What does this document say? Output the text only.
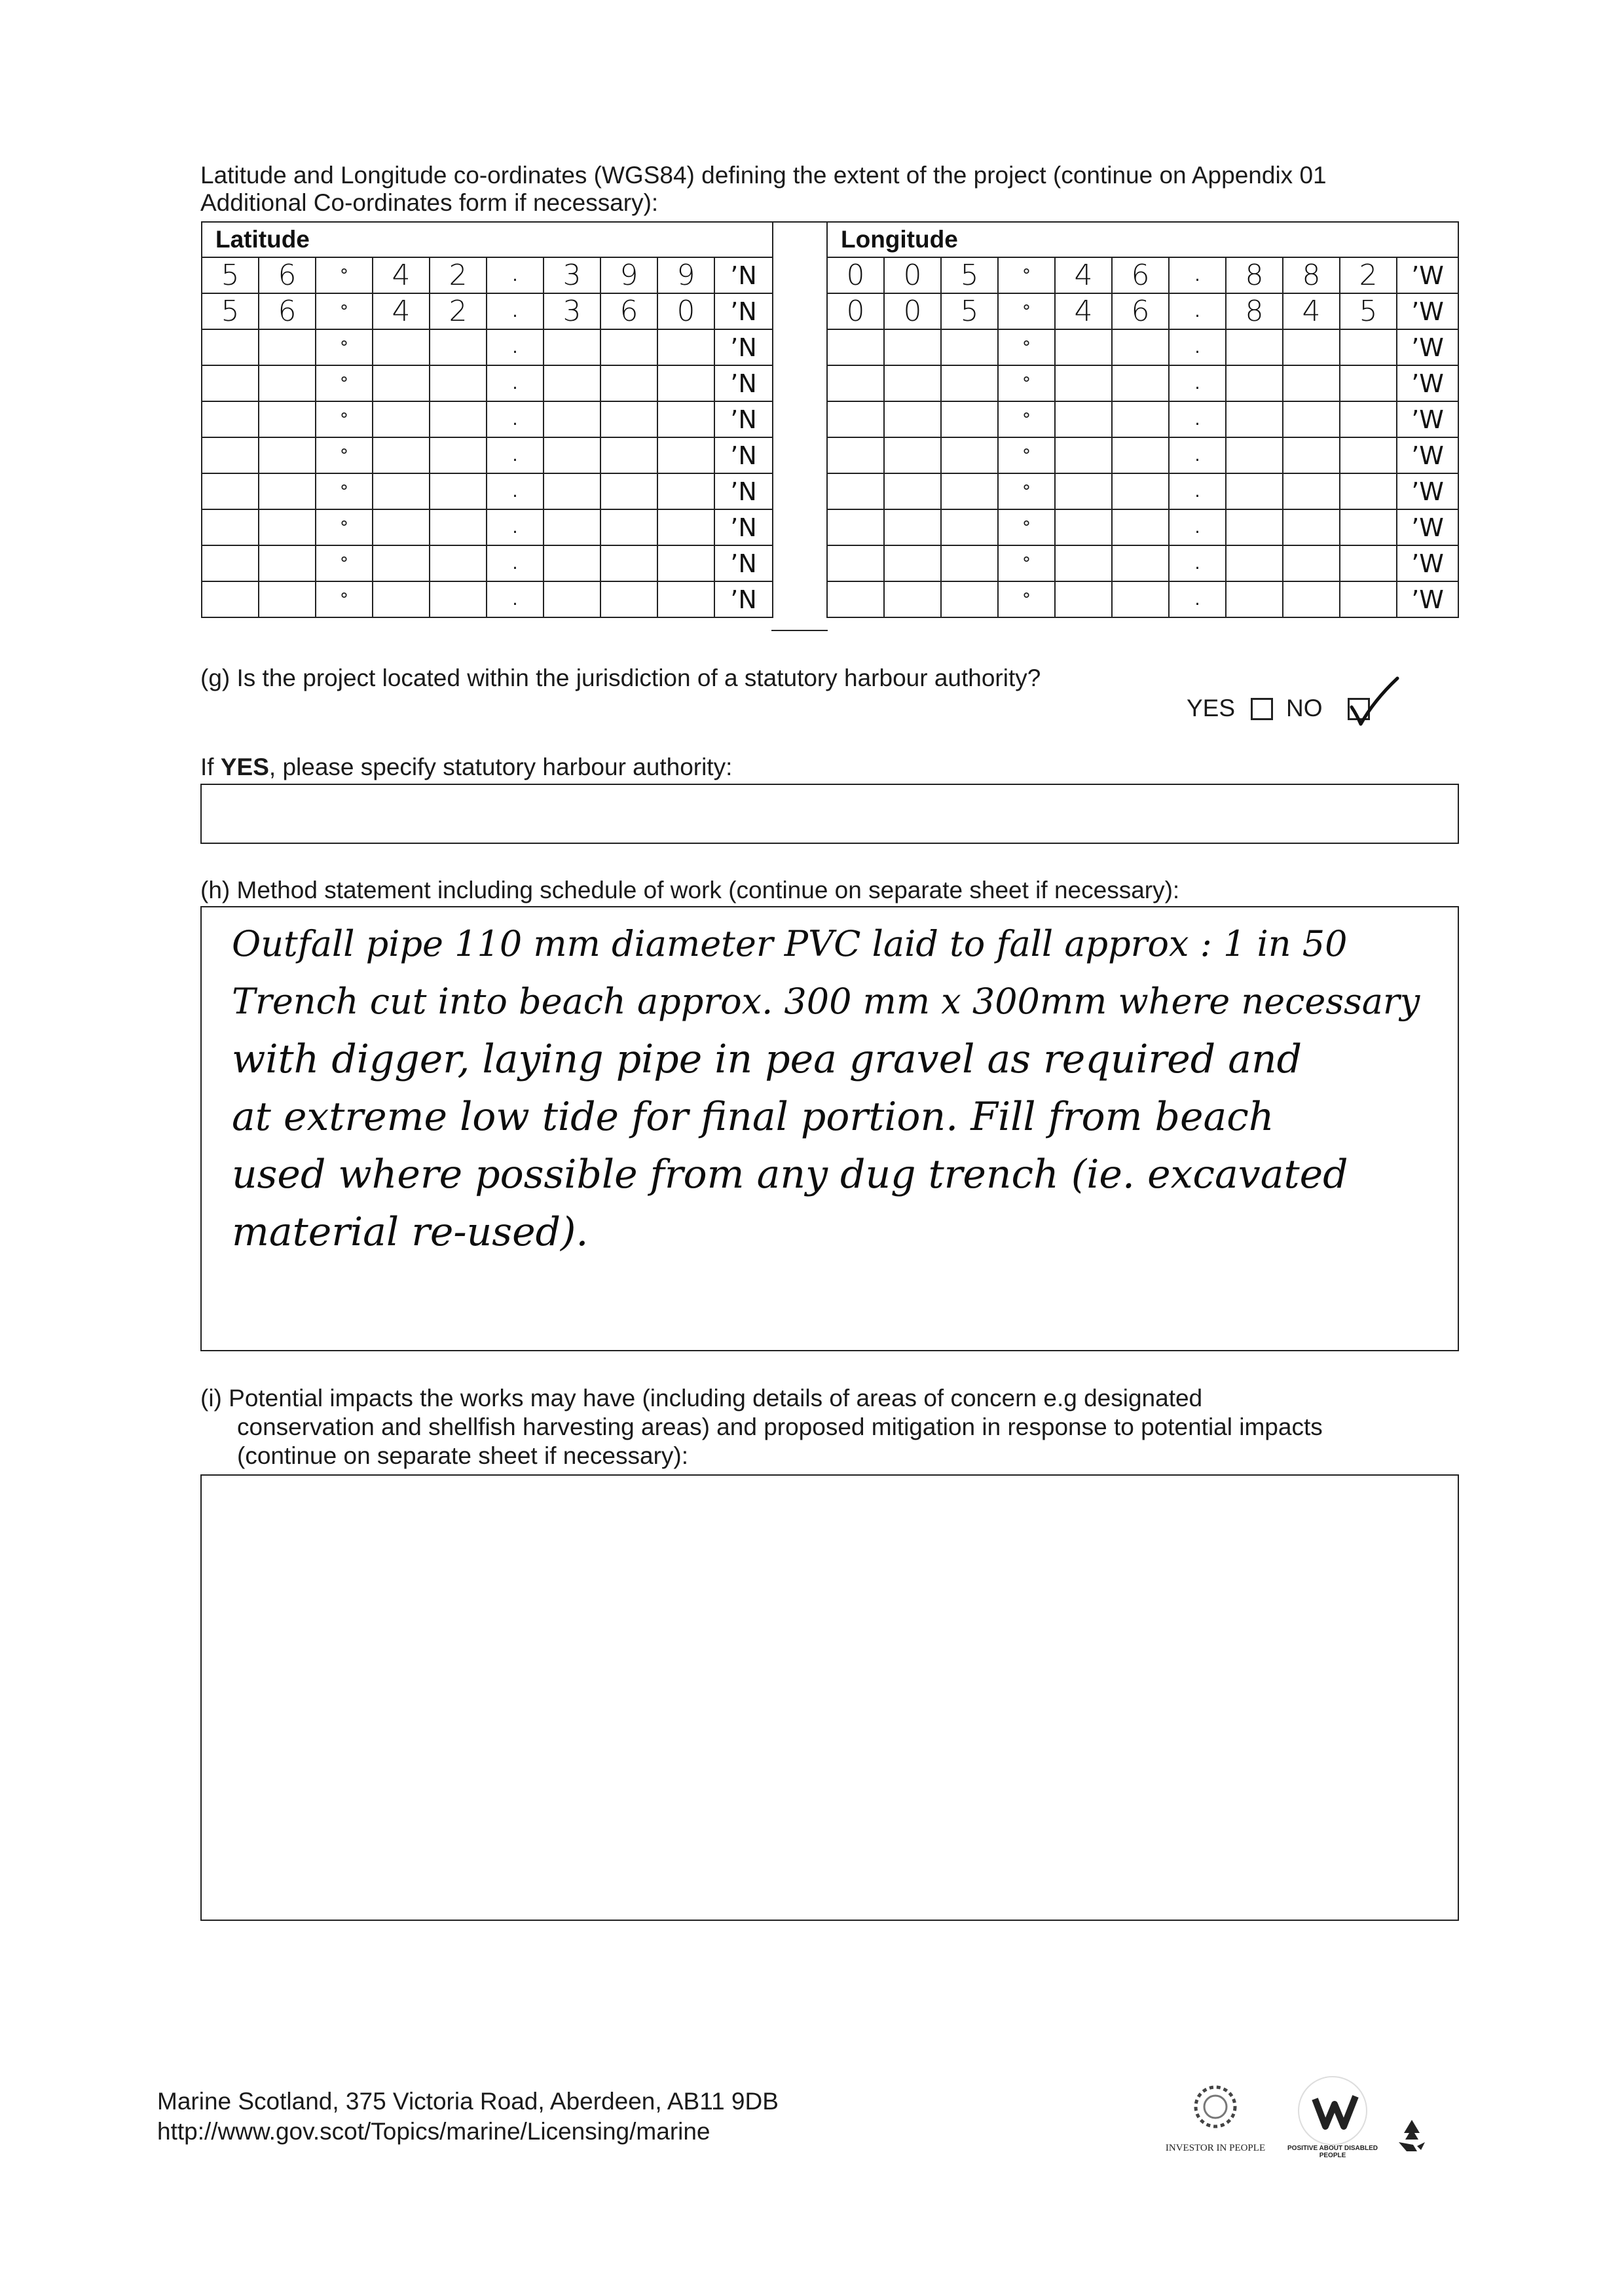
Latitude and Longitude co-ordinates (WGS84) defining the extent of the project (continue on Appendix 01
Additional Co-ordinates form if necessary):
Latitude									
5	6	°	4	2	.	3	9	9	’N
5	6	°	4	2	.	3	6	0	’N
		°			.				’N
		°			.				’N
		°			.				’N
		°			.				’N
		°			.				’N
		°			.				’N
		°			.				’N
		°			.				’N
Longitude										
0	0	5	°	4	6	.	8	8	2	’W
0	0	5	°	4	6	.	8	4	5	’W
			°			.				’W
			°			.				’W
			°			.				’W
			°			.				’W
			°			.				’W
			°			.				’W
			°			.				’W
			°			.				’W
(g) Is the project located within the jurisdiction of a statutory harbour authority?
YES NO
If YES, please specify statutory harbour authority:
(h) Method statement including schedule of work (continue on separate sheet if necessary):
Outfall pipe 110 mm diameter PVC laid to fall approx : 1 in 50
Trench cut into beach approx. 300 mm x 300mm where necessary
with digger, laying pipe in pea gravel as required and
at extreme low tide for final portion. Fill from beach
used where possible from any dug trench (ie. excavated
material re-used).
(i) Potential impacts the works may have (including details of areas of concern e.g designated
conservation and shellfish harvesting areas) and proposed mitigation in response to potential impacts
(continue on separate sheet if necessary):
Marine Scotland, 375 Victoria Road, Aberdeen, AB11 9DB
http://www.gov.scot/Topics/marine/Licensing/marine
INVESTOR IN PEOPLE	POSITIVE ABOUT DISABLED PEOPLE
